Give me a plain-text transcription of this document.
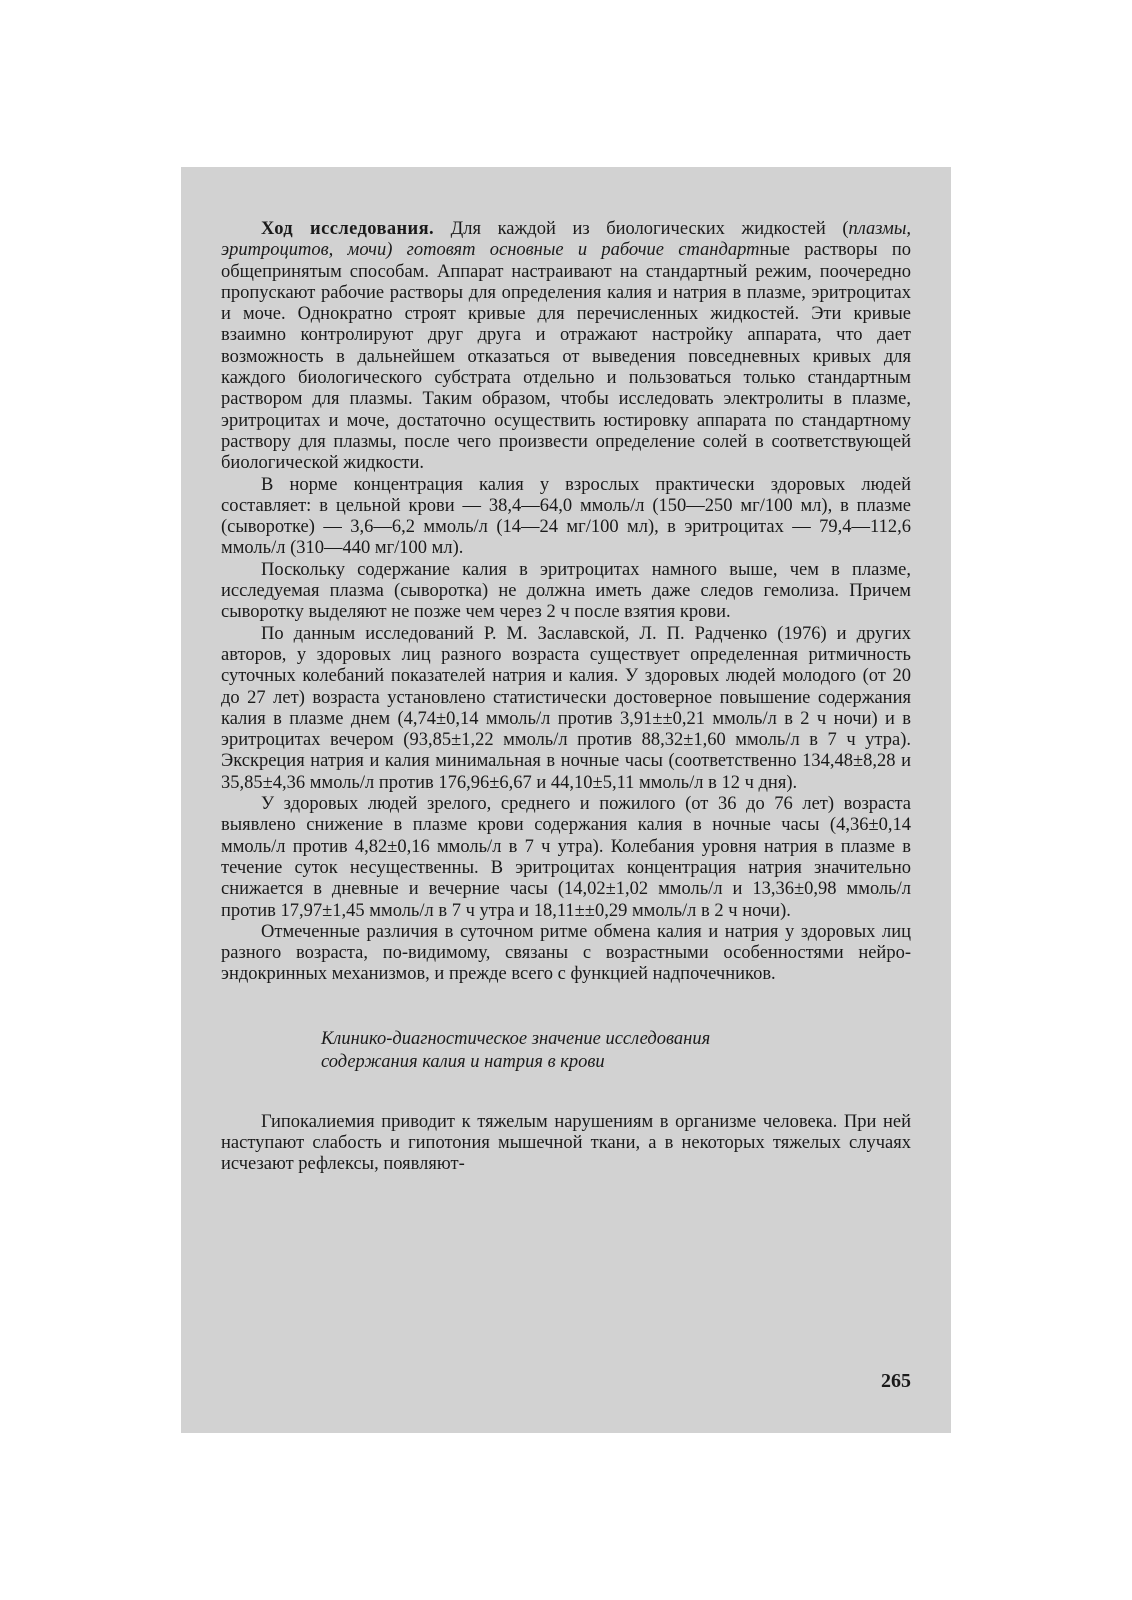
Ход исследования. Для каждой из биологических жидкостей (плазмы, эритроцитов, мочи) готовят основные и рабочие стандартные растворы по общепринятым способам. Аппарат настраивают на стандартный режим, поочередно пропускают рабочие растворы для определения калия и натрия в плазме, эритроцитах и моче. Однократно строят кривые для перечисленных жидкостей. Эти кривые взаимно контролируют друг друга и отражают настройку аппарата, что дает возможность в дальнейшем отказаться от выведения повседневных кривых для каждого биологического субстрата отдельно и пользоваться только стандартным раствором для плазмы. Таким образом, чтобы исследовать электролиты в плазме, эритроцитах и моче, достаточно осуществить юстировку аппарата по стандартному раствору для плазмы, после чего произвести определение солей в соответствующей биологической жидкости.

В норме концентрация калия у взрослых практически здоровых людей составляет: в цельной крови — 38,4—64,0 ммоль/л (150—250 мг/100 мл), в плазме (сыворотке) — 3,6—6,2 ммоль/л (14—24 мг/100 мл), в эритроцитах — 79,4—112,6 ммоль/л (310—440 мг/100 мл).

Поскольку содержание калия в эритроцитах намного выше, чем в плазме, исследуемая плазма (сыворотка) не должна иметь даже следов гемолиза. Причем сыворотку выделяют не позже чем через 2 ч после взятия крови.

По данным исследований Р. М. Заславской, Л. П. Радченко (1976) и других авторов, у здоровых лиц разного возраста существует определенная ритмичность суточных колебаний показателей натрия и калия. У здоровых людей молодого (от 20 до 27 лет) возраста установлено статистически достоверное повышение содержания калия в плазме днем (4,74±0,14 ммоль/л против 3,91±±0,21 ммоль/л в 2 ч ночи) и в эритроцитах вечером (93,85±1,22 ммоль/л против 88,32±1,60 ммоль/л в 7 ч утра). Экскреция натрия и калия минимальная в ночные часы (соответственно 134,48±8,28 и 35,85±4,36 ммоль/л против 176,96±6,67 и 44,10±5,11 ммоль/л в 12 ч дня).

У здоровых людей зрелого, среднего и пожилого (от 36 до 76 лет) возраста выявлено снижение в плазме крови содержания калия в ночные часы (4,36±0,14 ммоль/л против 4,82±0,16 ммоль/л в 7 ч утра). Колебания уровня натрия в плазме в течение суток несущественны. В эритроцитах концентрация натрия значительно снижается в дневные и вечерние часы (14,02±1,02 ммоль/л и 13,36±0,98 ммоль/л против 17,97±1,45 ммоль/л в 7 ч утра и 18,11±±0,29 ммоль/л в 2 ч ночи).

Отмеченные различия в суточном ритме обмена калия и натрия у здоровых лиц разного возраста, по-видимому, связаны с возрастными особенностями нейро-эндокринных механизмов, и прежде всего с функцией надпочечников.

Клинико-диагностическое значение исследования
содержания калия и натрия в крови

Гипокалиемия приводит к тяжелым нарушениям в организме человека. При ней наступают слабость и гипотония мышечной ткани, а в некоторых тяжелых случаях исчезают рефлексы, появляют-

265
